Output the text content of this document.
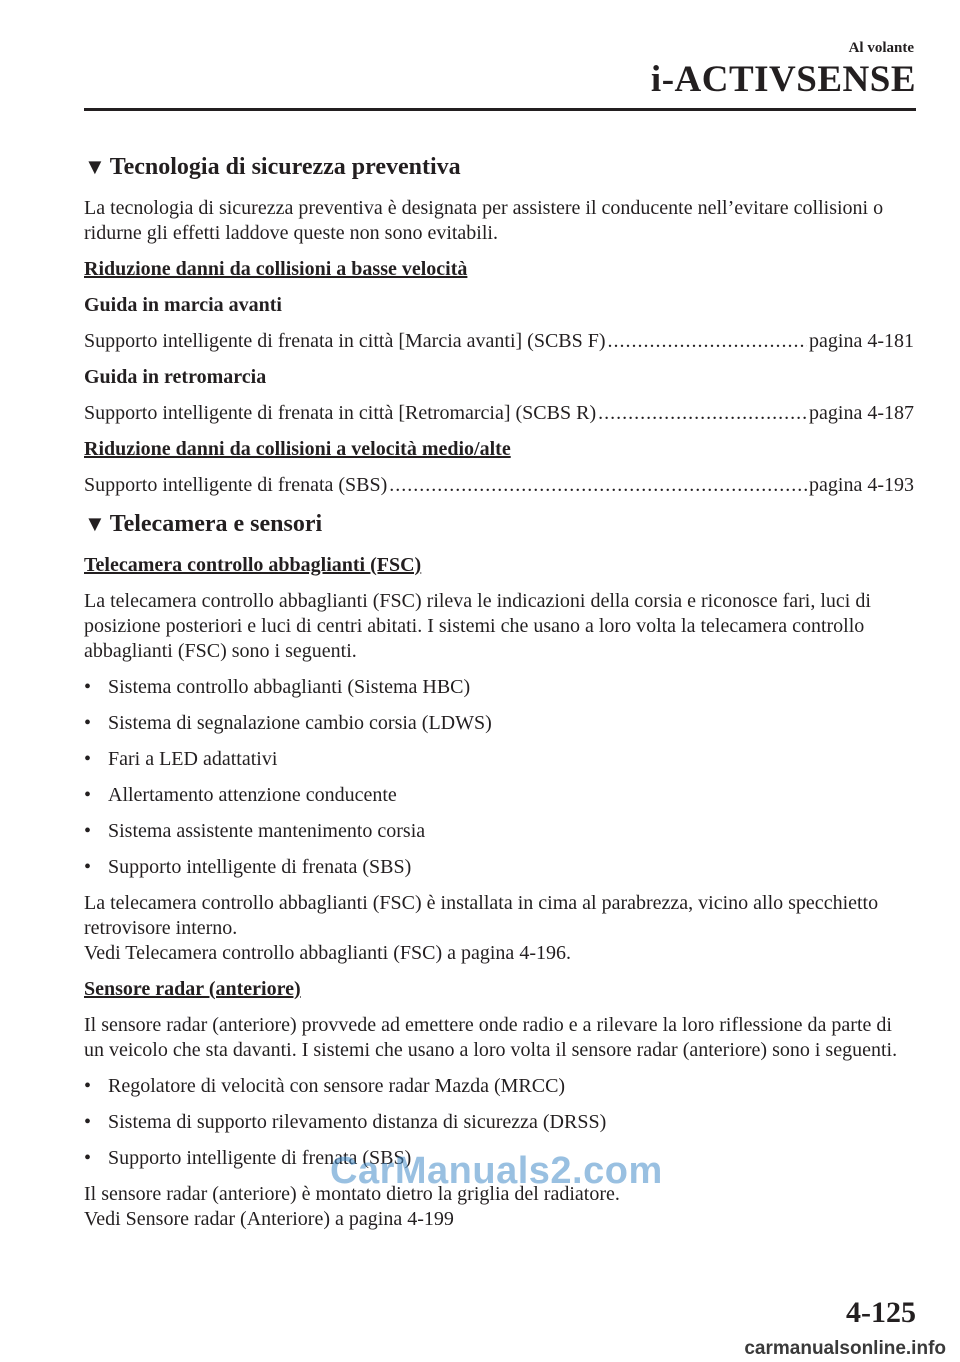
Al volante
i-ACTIVSENSE
▼ Tecnologia di sicurezza preventiva

La tecnologia di sicurezza preventiva è designata per assistere il conducente nell’evitare collisioni o ridurne gli effetti laddove queste non sono evitabili.

Riduzione danni da collisioni a basse velocità

Guida in marcia avanti

Supporto intelligente di frenata in città [Marcia avanti] (SCBS F) .....	pagina 4-181

Guida in retromarcia

Supporto intelligente di frenata in città [Retromarcia] (SCBS R) .....	pagina 4-187

Riduzione danni da collisioni a velocità medio/alte

Supporto intelligente di frenata (SBS) .....	pagina 4-193

▼ Telecamera e sensori

Telecamera controllo abbaglianti (FSC)

La telecamera controllo abbaglianti (FSC) rileva le indicazioni della corsia e riconosce fari, luci di posizione posteriori e luci di centri abitati. I sistemi che usano a loro volta la telecamera controllo abbaglianti (FSC) sono i seguenti.

• Sistema controllo abbaglianti (Sistema HBC)
• Sistema di segnalazione cambio corsia (LDWS)
• Fari a LED adattativi
• Allertamento attenzione conducente
• Sistema assistente mantenimento corsia
• Supporto intelligente di frenata (SBS)

La telecamera controllo abbaglianti (FSC) è installata in cima al parabrezza, vicino allo specchietto retrovisore interno.
Vedi Telecamera controllo abbaglianti (FSC) a pagina 4-196.

Sensore radar (anteriore)

Il sensore radar (anteriore) provvede ad emettere onde radio e a rilevare la loro riflessione da parte di un veicolo che sta davanti. I sistemi che usano a loro volta il sensore radar (anteriore) sono i seguenti.

• Regolatore di velocità con sensore radar Mazda (MRCC)
• Sistema di supporto rilevamento distanza di sicurezza (DRSS)
• Supporto intelligente di frenata (SBS)

Il sensore radar (anteriore) è montato dietro la griglia del radiatore.
Vedi Sensore radar (Anteriore) a pagina 4-199

CarManuals2.com
4-125
carmanualsonline.info
